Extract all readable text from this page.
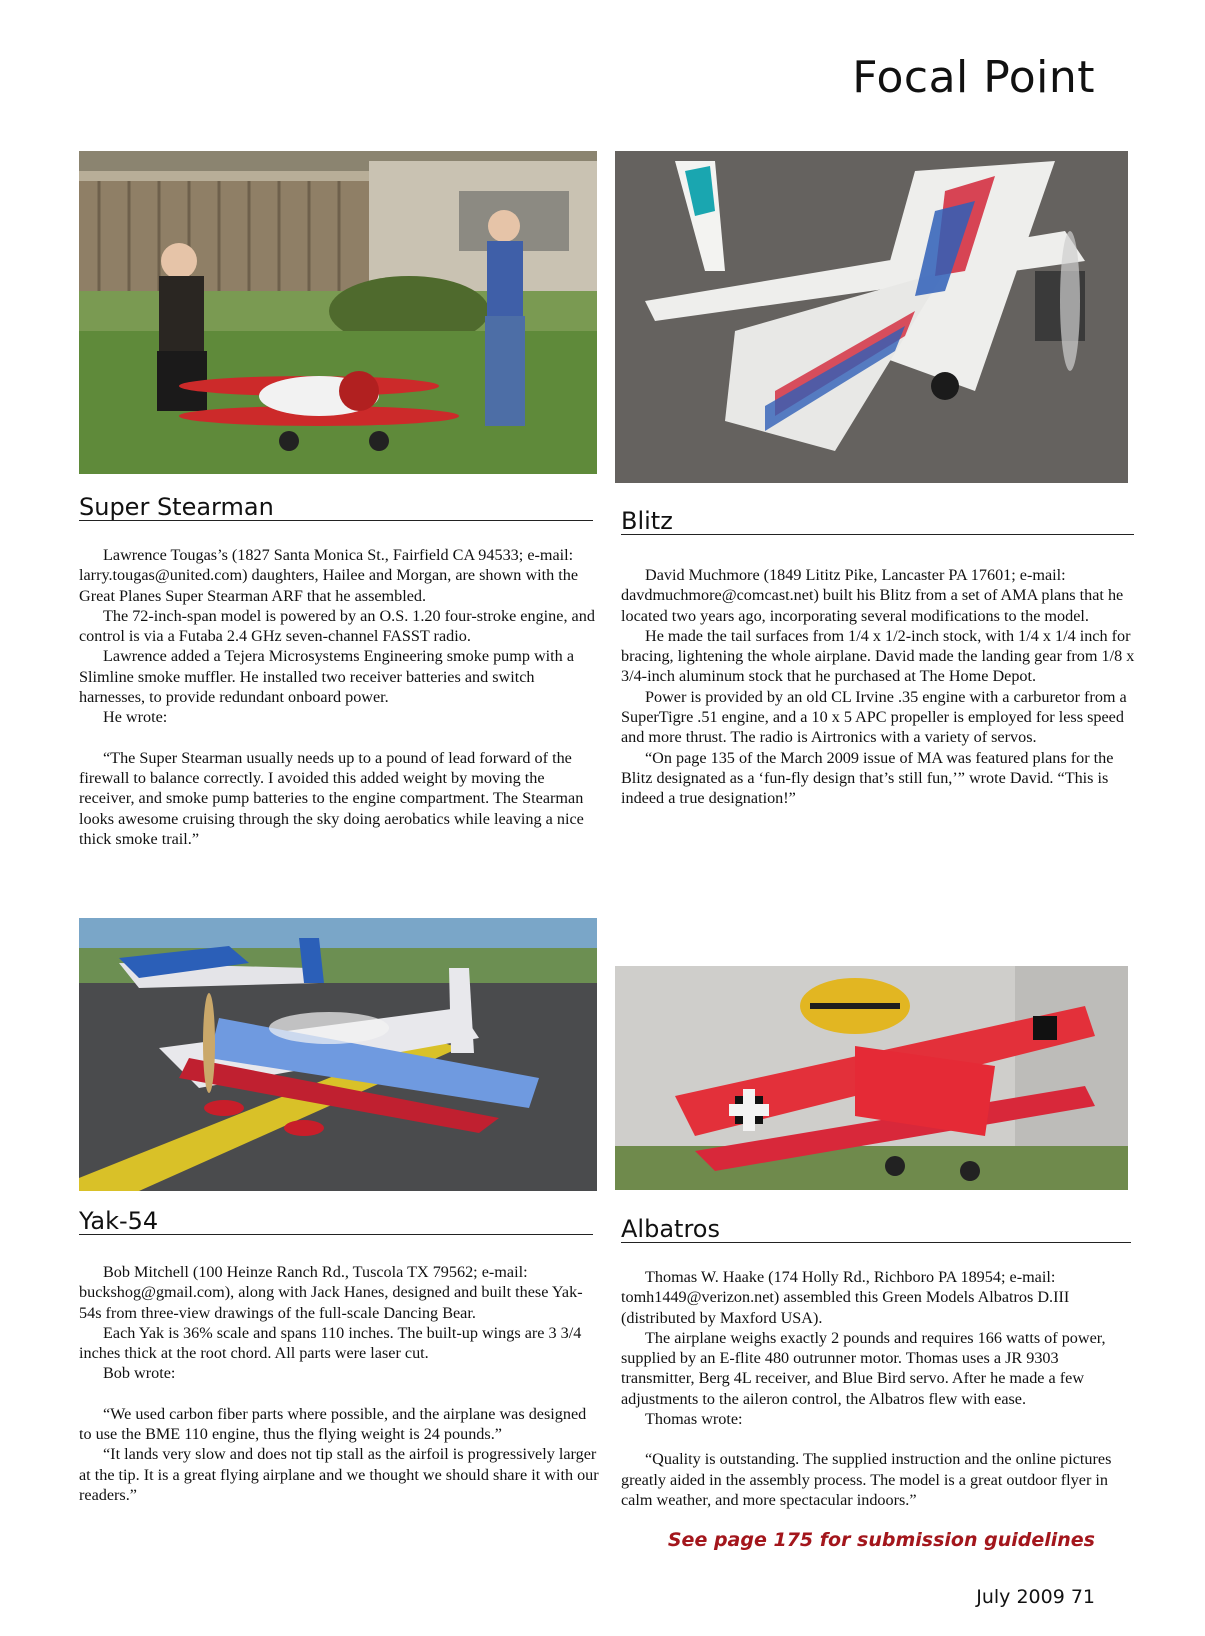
Focal Point
Super Stearman	Blitz
Yak-54	Albatros

Lawrence Tougas’s (1827 Santa Monica St., Fairfield CA 94533; e-mail: larry.tougas@united.com) daughters, Hailee and Morgan, are shown with the Great Planes Super Stearman ARF that he assembled.

The 72-inch-span model is powered by an O.S. 1.20 four-stroke engine, and control is via a Futaba 2.4 GHz seven-channel FASST radio.

Lawrence added a Tejera Microsystems Engineering smoke pump with a Slimline smoke muffler. He installed two receiver batteries and switch harnesses, to provide redundant onboard power.

He wrote:

“The Super Stearman usually needs up to a pound of lead forward of the firewall to balance correctly. I avoided this added weight by moving the receiver, and smoke pump batteries to the engine compartment. The Stearman looks awesome cruising through the sky doing aerobatics while leaving a nice thick smoke trail.”

David Muchmore (1849 Lititz Pike, Lancaster PA 17601; e-mail: davdmuchmore@comcast.net) built his Blitz from a set of AMA plans that he located two years ago, incorporating several modifications to the model.

He made the tail surfaces from 1/4 x 1/2-inch stock, with 1/4 x 1/4 inch for bracing, lightening the whole airplane. David made the landing gear from 1/8 x 3/4-inch aluminum stock that he purchased at The Home Depot.

Power is provided by an old CL Irvine .35 engine with a carburetor from a SuperTigre .51 engine, and a 10 x 5 APC propeller is employed for less speed and more thrust. The radio is Airtronics with a variety of servos.

“On page 135 of the March 2009 issue of MA was featured plans for the Blitz designated as a ‘fun-fly design that’s still fun,’” wrote David. “This is indeed a true designation!”

Bob Mitchell (100 Heinze Ranch Rd., Tuscola TX 79562; e-mail: buckshog@gmail.com), along with Jack Hanes, designed and built these Yak-54s from three-view drawings of the full-scale Dancing Bear.

Each Yak is 36% scale and spans 110 inches. The built-up wings are 3 3/4 inches thick at the root chord. All parts were laser cut.

Bob wrote:

“We used carbon fiber parts where possible, and the airplane was designed to use the BME 110 engine, thus the flying weight is 24 pounds.”

“It lands very slow and does not tip stall as the airfoil is progressively larger at the tip. It is a great flying airplane and we thought we should share it with our readers.”

Thomas W. Haake (174 Holly Rd., Richboro PA 18954; e-mail: tomh1449@verizon.net) assembled this Green Models Albatros D.III (distributed by Maxford USA).

The airplane weighs exactly 2 pounds and requires 166 watts of power, supplied by an E-flite 480 outrunner motor. Thomas uses a JR 9303 transmitter, Berg 4L receiver, and Blue Bird servo. After he made a few adjustments to the aileron control, the Albatros flew with ease.

Thomas wrote:

“Quality is outstanding. The supplied instruction and the online pictures greatly aided in the assembly process. The model is a great outdoor flyer in calm weather, and more spectacular indoors.”

See page 175 for submission guidelines
July 2009 71
